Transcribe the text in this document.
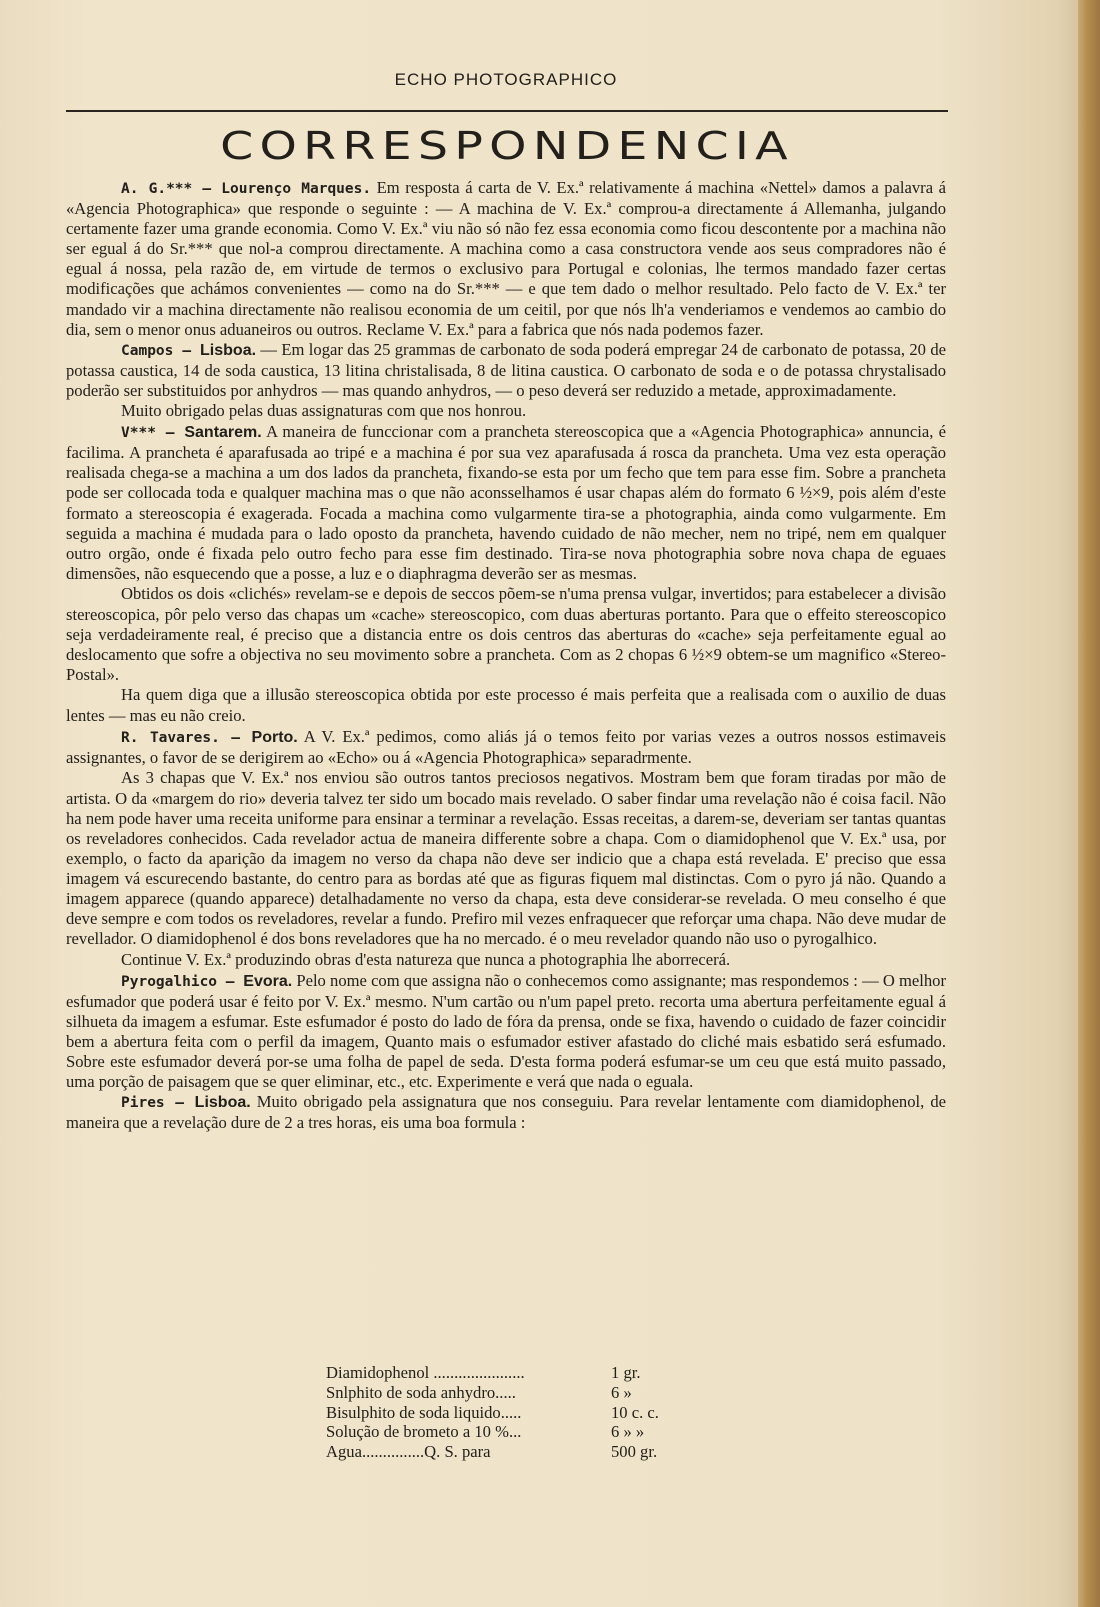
ECHO PHOTOGRAPHICO
CORRESPONDENCIA

A. G.*** — Lourenço Marques. Em resposta á carta de V. Ex.ª relativamente á machina «Nettel» damos a palavra á «Agencia Photographica» que responde o seguinte : — A machina de V. Ex.ª comprou-a directamente á Allemanha, julgando certamente fazer uma grande economia. Como V. Ex.ª viu não só não fez essa economia como ficou descontente por a machina não ser egual á do Sr.*** que nol-a comprou directamente. A machina como a casa constructora vende aos seus compradores não é egual á nossa, pela razão de, em virtude de termos o exclusivo para Portugal e colonias, lhe termos mandado fazer certas modificações que achámos convenientes — como na do Sr.*** — e que tem dado o melhor resultado. Pelo facto de V. Ex.ª ter mandado vir a machina directamente não realisou economia de um ceitil, por que nós lh'a venderiamos e vendemos ao cambio do dia, sem o menor onus aduaneiros ou outros. Reclame V. Ex.ª para a fabrica que nós nada podemos fazer.

Campos — Lisboa. — Em logar das 25 grammas de carbonato de soda poderá empregar 24 de carbonato de potassa, 20 de potassa caustica, 14 de soda caustica, 13 litina christalisada, 8 de litina caustica. O carbonato de soda e o de potassa chrystalisado poderão ser substituidos por anhydros — mas quando anhydros, — o peso deverá ser reduzido a metade, approximadamente.

Muito obrigado pelas duas assignaturas com que nos honrou.

V*** — Santarem. A maneira de funccionar com a prancheta stereoscopica que a «Agencia Photographica» annuncia, é facilima. A prancheta é aparafusada ao tripé e a machina é por sua vez aparafusada á rosca da prancheta. Uma vez esta operação realisada chega-se a machina a um dos lados da prancheta, fixando-se esta por um fecho que tem para esse fim. Sobre a prancheta pode ser collocada toda e qualquer machina mas o que não aconsselhamos é usar chapas além do formato 6 ½×9, pois além d'este formato a stereoscopia é exagerada. Focada a machina como vulgarmente tira-se a photographia, ainda como vulgarmente. Em seguida a machina é mudada para o lado oposto da prancheta, havendo cuidado de não mecher, nem no tripé, nem em qualquer outro orgão, onde é fixada pelo outro fecho para esse fim destinado. Tira-se nova photographia sobre nova chapa de eguaes dimensões, não esquecendo que a posse, a luz e o diaphragma deverão ser as mesmas.

Obtidos os dois «clichés» revelam-se e depois de seccos põem-se n'uma prensa vulgar, invertidos; para estabelecer a divisão stereoscopica, pôr pelo verso das chapas um «cache» stereoscopico, com duas aberturas portanto. Para que o effeito stereoscopico seja verdadeiramente real, é preciso que a distancia entre os dois centros das aberturas do «cache» seja perfeitamente egual ao deslocamento que sofre a objectiva no seu movimento sobre a prancheta. Com as 2 chopas 6 ½×9 obtem-se um magnifico «Stereo-Postal».

Ha quem diga que a illusão stereoscopica obtida por este processo é mais perfeita que a realisada com o auxilio de duas lentes — mas eu não creio.

R. Tavares. — Porto. A V. Ex.ª pedimos, como aliás já o temos feito por varias vezes a outros nossos estimaveis assignantes, o favor de se derigirem ao «Echo» ou á «Agencia Photographica» separadrmente.

As 3 chapas que V. Ex.ª nos enviou são outros tantos preciosos negativos. Mostram bem que foram tiradas por mão de artista. O da «margem do rio» deveria talvez ter sido um bocado mais revelado. O saber findar uma revelação não é coisa facil. Não ha nem pode haver uma receita uniforme para ensinar a terminar a revelação. Essas receitas, a darem-se, deveriam ser tantas quantas os reveladores conhecidos. Cada revelador actua de maneira differente sobre a chapa. Com o diamidophenol que V. Ex.ª usa, por exemplo, o facto da aparição da imagem no verso da chapa não deve ser indicio que a chapa está revelada. E' preciso que essa imagem vá escurecendo bastante, do centro para as bordas até que as figuras fiquem mal distinctas. Com o pyro já não. Quando a imagem apparece (quando apparece) detalhadamente no verso da chapa, esta deve considerar-se revelada. O meu conselho é que deve sempre e com todos os reveladores, revelar a fundo. Prefiro mil vezes enfraquecer que reforçar uma chapa. Não deve mudar de revellador. O diamidophenol é dos bons reveladores que ha no mercado. é o meu revelador quando não uso o pyrogalhico.

Continue V. Ex.ª produzindo obras d'esta natureza que nunca a photographia lhe aborrecerá.

Pyrogalhico — Evora. Pelo nome com que assigna não o conhecemos como assignante; mas respondemos : — O melhor esfumador que poderá usar é feito por V. Ex.ª mesmo. N'um cartão ou n'um papel preto. recorta uma abertura perfeitamente egual á silhueta da imagem a esfumar. Este esfumador é posto do lado de fóra da prensa, onde se fixa, havendo o cuidado de fazer coincidir bem a abertura feita com o perfil da imagem, Quanto mais o esfumador estiver afastado do cliché mais esbatido será esfumado. Sobre este esfumador deverá por-se uma folha de papel de seda. D'esta forma poderá esfumar-se um ceu que está muito passado, uma porção de paisagem que se quer eliminar, etc., etc. Experimente e verá que nada o eguala.

Pires — Lisboa. Muito obrigado pela assignatura que nos conseguiu. Para revelar lentamente com diamidophenol, de maneira que a revelação dure de 2 a tres horas, eis uma boa formula :

Diamidophenol ......................	1 gr.
Snlphito de soda anhydro.....	6 »
Bisulphito de soda liquido.....	10 c. c.
Solução de brometo a 10 %...	6 » »
Agua...............Q. S. para	500 gr.
